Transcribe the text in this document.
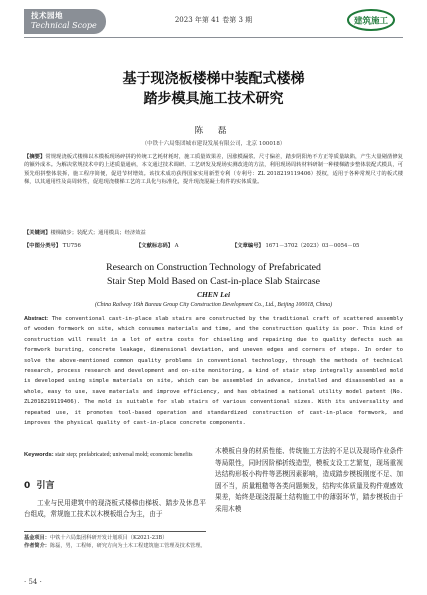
技术园地
Technical Scope
2023 年第 41 卷第 3 期	建筑施工
基于现浇板楼梯中装配式楼梯
踏步模具施工技术研究
陈 磊
（中铁十六局集团城市建设发展有限公司，北京 100018）
【摘要】常规现浇板式楼梯以木模板现场碎拼的传统工艺耗材耗时，施工质量效果差，因涨模漏浆、尺寸偏差，踏步阴阳角不方正等质量缺陷，产生大量剔凿修复的额外成本。为解决常规技术中的上述质量通病，本文通过技术调研、工艺研发及现场实测改进的方法，利用现场周转材料研制一种楼梯踏步整体装配式模具，可预先组拼整体装拆，施工程序简便，促进节材增效。该技术成功获得国家实用新型专利（专利号：ZL 2018219119406）授权，适用于各种常规尺寸的板式楼梯，以其通用性及高周转性，促进现浇楼梯工艺的工具化与标准化，提升现浇混凝土构件的实体质量。
【关键词】楼梯踏步；装配式；通用模具；经济效益
【中图分类号】 TU756	【文献标志码】 A	【文章编号】 1671－3702（2023）03－0054－05
Research on Construction Technology of Prefabricated
Stair Step Mold Based on Cast-in-place Slab Staircase
CHEN Lei
(China Railway 16th Bureau Group City Construction Development Co., Ltd., Beijing 100018, China)
Abstract: The conventional cast-in-place slab stairs are constructed by the traditional craft of scattered assembly of wooden formwork on site, which consumes materials and time, and the construction quality is poor. This kind of construction will result in a lot of extra costs for chiseling and repairing due to quality defects such as formwork bursting, concrete leakage, dimensional deviation, and uneven edges and corners of steps. In order to solve the above-mentioned common quality problems in conventional technology, through the methods of technical research, process research and development and on-site monitoring, a kind of stair step integrally assembled mold is developed using simple materials on site, which can be assembled in advance, installed and disassembled as a whole, easy to use, save materials and improve efficiency, and has obtained a national utility model patent (No. ZL2018219119406). The mold is suitable for slab stairs of various conventional sizes. With its universality and repeated use, it promotes tool-based operation and standardized construction of cast-in-place formwork, and improves the physical quality of cast-in-place concrete components.
Keywords: stair step; prefabricated; universal mold; economic benefits
0 引言
工业与民用建筑中的现浇板式楼梯由梯板、踏步及休息平台组成，常规施工技术以木模板组合为主，由于
基金项目：中铁十六局集团科研开发计划项目（K2021-23B）
作者简介：陈磊，男，工程师，研究方向为土木工程建筑施工管理及技术管理。

木模板自身的材质性能、传统施工方法的不足以及现场作业条件等局限性，同时因阶梯折线造型，模板支设工艺繁复，现场重视达结构形板小构件等恶模因素影响，造成踏步模板刚度不足、加固不当，质量粗糙等各类问题频发，结构实体质量及构件观感效果差，始终是现浇混凝土结构施工中的薄弱环节，踏步模板由于采用木模

· 54 ·
